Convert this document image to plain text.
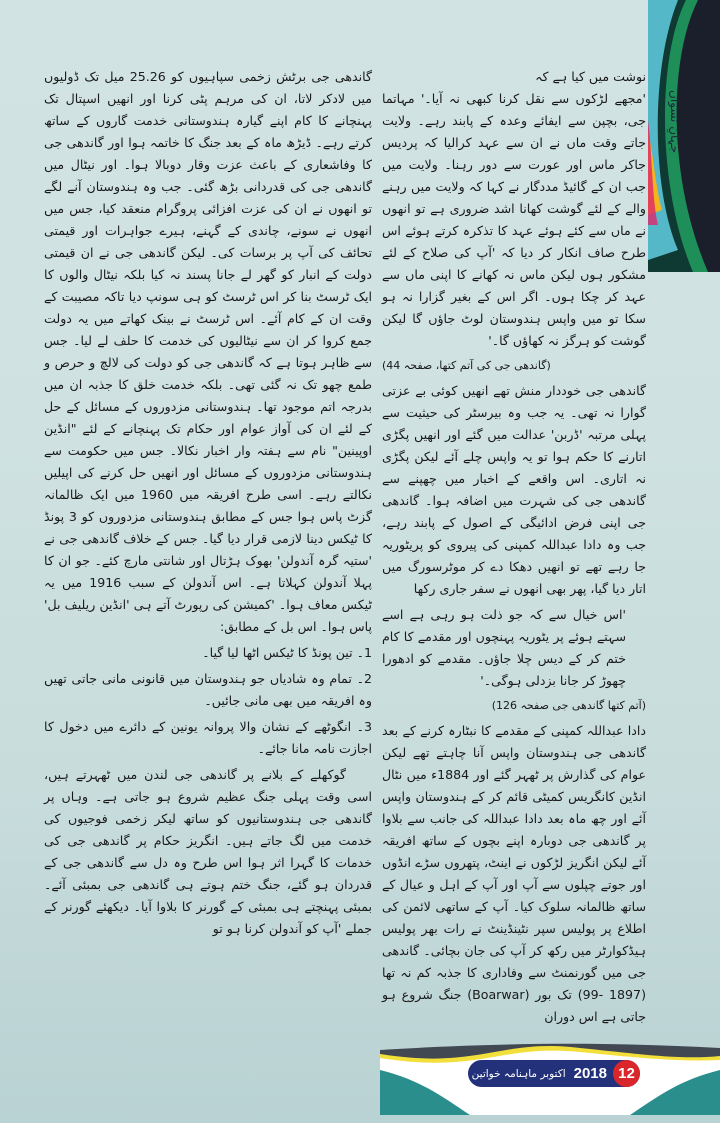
جہانِ نسواں
گاندھی جی برٹش زخمی سپاہیوں کو 25.26 میل تک ڈولیوں میں لادکر لاتا، ان کی مرہم پٹی کرنا اور انھیں اسپتال تک پہنچانے کا کام اپنے گیارہ ہندوستانی خدمت گاروں کے ساتھ کرتے رہے۔ ڈیڑھ ماہ کے بعد جنگ کا خاتمہ ہوا اور گاندھی جی کا وفاشعاری کے باعث عزت وقار دوبالا ہوا۔ اور نیٹال میں گاندھی جی کی قدردانی بڑھ گئی۔ جب وہ ہندوستان آنے لگے تو انھوں نے ان کی عزت افزائی پروگرام منعقد کیا، جس میں انھوں نے سونے، چاندی کے گہنے، ہیرے جواہرات اور قیمتی تحائف کی آپ پر برسات کی۔ لیکن گاندھی جی نے ان قیمتی دولت کے انبار کو گھر لے جانا پسند نہ کیا بلکہ نیٹال والوں کا ایک ٹرسٹ بنا کر اس ٹرسٹ کو ہی سونپ دیا تاکہ مصیبت کے وقت ان کے کام آئے۔ اس ٹرسٹ نے بینک کھاتے میں یہ دولت جمع کروا کر ان سے نیٹالیوں کی خدمت کا حلف لے لیا۔ جس سے ظاہر ہوتا ہے کہ گاندھی جی کو دولت کی لالچ و حرص و طمع چھو تک نہ گئی تھی۔ بلکہ خدمت خلق کا جذبہ ان میں بدرجہ اتم موجود تھا۔ ہندوستانی مزدوروں کے مسائل کے حل کے لئے ان کی آواز عوام اور حکام تک پہنچانے کے لئے "انڈین اوپینین" نام سے ہفتہ وار اخبار نکالا۔ جس میں حکومت سے ہندوستانی مزدوروں کے مسائل اور انھیں حل کرنے کی اپیلیں نکالتے رہے۔ اسی طرح افریقہ میں 1960 میں ایک ظالمانہ گزٹ پاس ہوا جس کے مطابق ہندوستانی مزدوروں کو 3 پونڈ کا ٹیکس دینا لازمی قرار دیا گیا۔ جس کے خلاف گاندھی جی نے 'ستیہ گرہ آندولن' بھوک ہڑتال اور شانتی مارچ کئے۔ جو ان کا پہلا آندولن کہلاتا ہے۔ اس آندولن کے سبب 1916 میں یہ ٹیکس معاف ہوا۔ 'کمیشن کی رپورٹ آتے ہی 'انڈین ریلیف بل' پاس ہوا۔ اس بل کے مطابق:
1۔ تین پونڈ کا ٹیکس اٹھا لیا گیا۔
2۔ تمام وہ شادیاں جو ہندوستان میں قانونی مانی جاتی تھیں وہ افریقہ میں بھی مانی جائیں۔
3۔ انگوٹھے کے نشان والا پروانہ یونین کے دائرے میں دخول کا اجازت نامہ مانا جائے۔
گوکھلے کے بلانے پر گاندھی جی لندن میں ٹھہرتے ہیں، اسی وقت پہلی جنگ عظیم شروع ہو جاتی ہے۔ وہاں پر گاندھی جی ہندوستانیوں کو ساتھ لیکر زخمی فوجیوں کی خدمت میں لگ جاتے ہیں۔ انگریز حکام پر گاندھی جی کی خدمات کا گہرا اثر ہوا اس طرح وہ دل سے گاندھی جی کے قدردان ہو گئے، جنگ ختم ہوتے ہی گاندھی جی بمبئی آئے۔ بمبئی پہنچتے ہی بمبئی کے گورنر کا بلاوا آیا۔ دیکھئے گورنر کے جملے 'آپ کو آندولن کرنا ہو تو
نوشت میں کیا ہے کہ
'مجھے لڑکوں سے نقل کرنا کبھی نہ آیا۔' مہاتما جی، بچپن سے ایفائے وعدہ کے پابند رہے۔ ولایت جاتے وقت ماں نے ان سے عہد کرالیا کہ پردیس جاکر ماس اور عورت سے دور رہنا۔ ولایت میں جب ان کے گائیڈ مددگار نے کہا کہ ولایت میں رہنے والے کے لئے گوشت کھانا اشد ضروری ہے تو انھوں نے ماں سے کئے ہوئے عہد کا تذکرہ کرتے ہوئے اس طرح صاف انکار کر دیا کہ 'آپ کی صلاح کے لئے مشکور ہوں لیکن ماس نہ کھانے کا اپنی ماں سے عہد کر چکا ہوں۔ اگر اس کے بغیر گزارا نہ ہو سکا تو میں واپس ہندوستان لوٹ جاؤں گا لیکن گوشت کو ہرگز نہ کھاؤں گا۔'
(گاندھی جی کی آتم کتھا، صفحہ 44)
گاندھی جی خوددار منش تھے انھیں کوئی بے عزتی گوارا نہ تھی۔ یہ جب وہ بیرسٹر کی حیثیت سے پہلی مرتبہ 'ڈربن' عدالت میں گئے اور انھیں پگڑی اتارنے کا حکم ہوا تو یہ واپس چلے آئے لیکن پگڑی نہ اتاری۔ اس واقعے کے اخبار میں چھپنے سے گاندھی جی کی شہرت میں اضافہ ہوا۔ گاندھی جی اپنی فرض ادائیگی کے اصول کے پابند رہے، جب وہ دادا عبداللہ کمپنی کی پیروی کو پریٹوریہ جا رہے تھے تو انھیں دھکا دے کر موٹرسورگ میں اتار دیا گیا، پھر بھی انھوں نے سفر جاری رکھا
'اس خیال سے کہ جو ذلت ہو رہی ہے اسے سہتے ہوئے پر یٹوریہ پہنچوں اور مقدمے کا کام ختم کر کے دیس چلا جاؤں۔ مقدمے کو ادھورا چھوڑ کر جانا بزدلی ہوگی۔'
(آتم کتھا گاندھی جی صفحہ 126)
دادا عبداللہ کمپنی کے مقدمے کا نبٹارہ کرنے کے بعد گاندھی جی ہندوستان واپس آنا چاہتے تھے لیکن عوام کی گذارش پر ٹھہر گئے اور 1884ء میں نٹال انڈین کانگریس کمیٹی قائم کر کے ہندوستان واپس آئے اور چھ ماہ بعد دادا عبداللہ کی جانب سے بلاوا پر گاندھی جی دوبارہ اپنے بچوں کے ساتھ افریقہ آئے لیکن انگریز لڑکوں نے اینٹ، پتھروں سڑے انڈوں اور جوتے چپلوں سے آپ اور آپ کے اہل و عیال کے ساتھ ظالمانہ سلوک کیا۔ آپ کے ساتھی لائمن کی اطلاع پر پولیس سپر نٹینڈینٹ نے رات بھر پولیس ہیڈکوارٹر میں رکھ کر آپ کی جان بچائی۔ گاندھی جی میں گورنمنٹ سے وفاداری کا جذبہ کم نہ تھا (1897 -99) تک بور (Boarwar) جنگ شروع ہو جاتی ہے اس دوران
اکتوبر ماہنامہ خواتین دنیا 2018 12
